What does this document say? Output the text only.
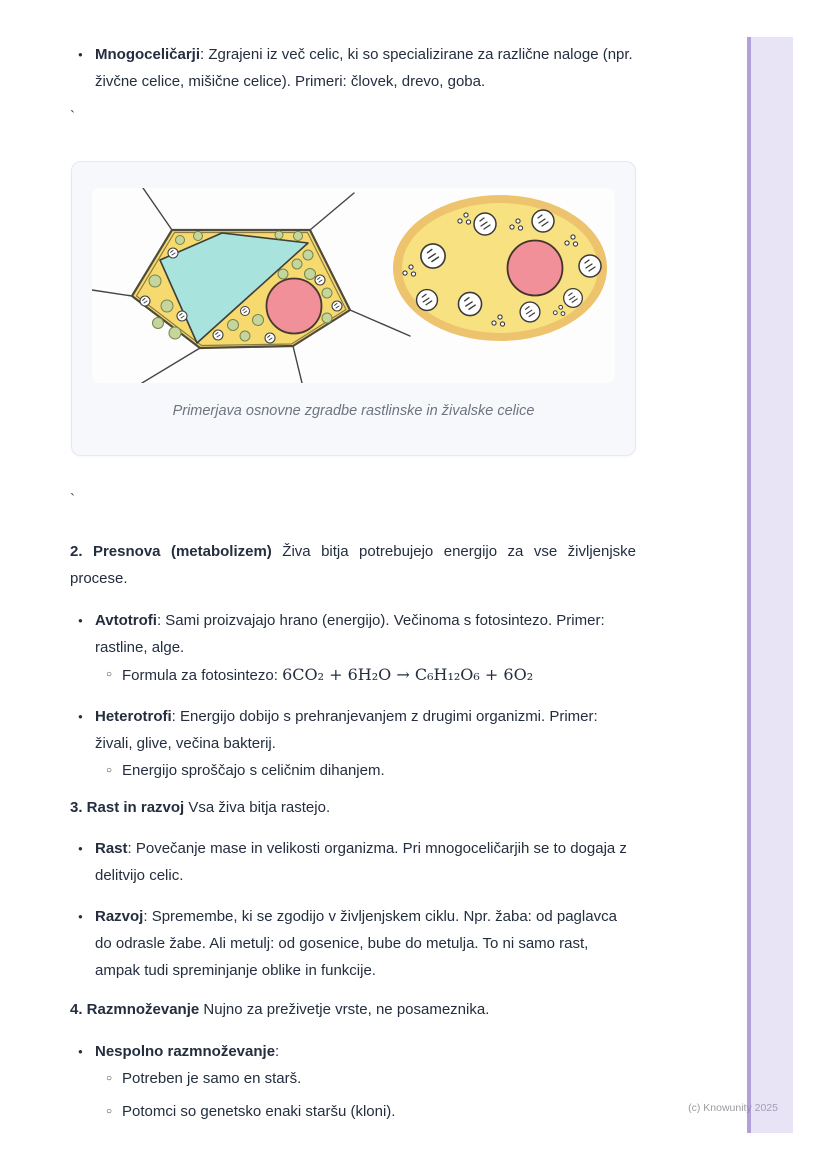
● Mnogoceličarji: Zgrajeni iz več celic, ki so specializirane za različne naloge (npr. živčne celice, mišične celice). Primeri: človek, drevo, goba.
`
Primerjava osnovne zgradbe rastlinske in živalske celice
`

2. Presnova (metabolizem) Živa bitja potrebujejo energijo za vse življenjske procese.

● Avtotrofi: Sami proizvajajo hrano (energijo). Večinoma s fotosintezo. Primer: rastline, alge.
○ Formula za fotosintezo: 6CO₂ + 6H₂O → C₆H₁₂O₆ + 6O₂
● Heterotrofi: Energijo dobijo s prehranjevanjem z drugimi organizmi. Primer: živali, glive, večina bakterij.
○ Energijo sproščajo s celičnim dihanjem.

3. Rast in razvoj Vsa živa bitja rastejo.

● Rast: Povečanje mase in velikosti organizma. Pri mnogoceličarjih se to dogaja z delitvijo celic.
● Razvoj: Spremembe, ki se zgodijo v življenjskem ciklu. Npr. žaba: od paglavca do odrasle žabe. Ali metulj: od gosenice, bube do metulja. To ni samo rast, ampak tudi spreminjanje oblike in funkcije.

4. Razmnoževanje Nujno za preživetje vrste, ne posameznika.

● Nespolno razmnoževanje:
○ Potreben je samo en starš.
○ Potomci so genetsko enaki staršu (kloni).	(c) Knowunity 2025
